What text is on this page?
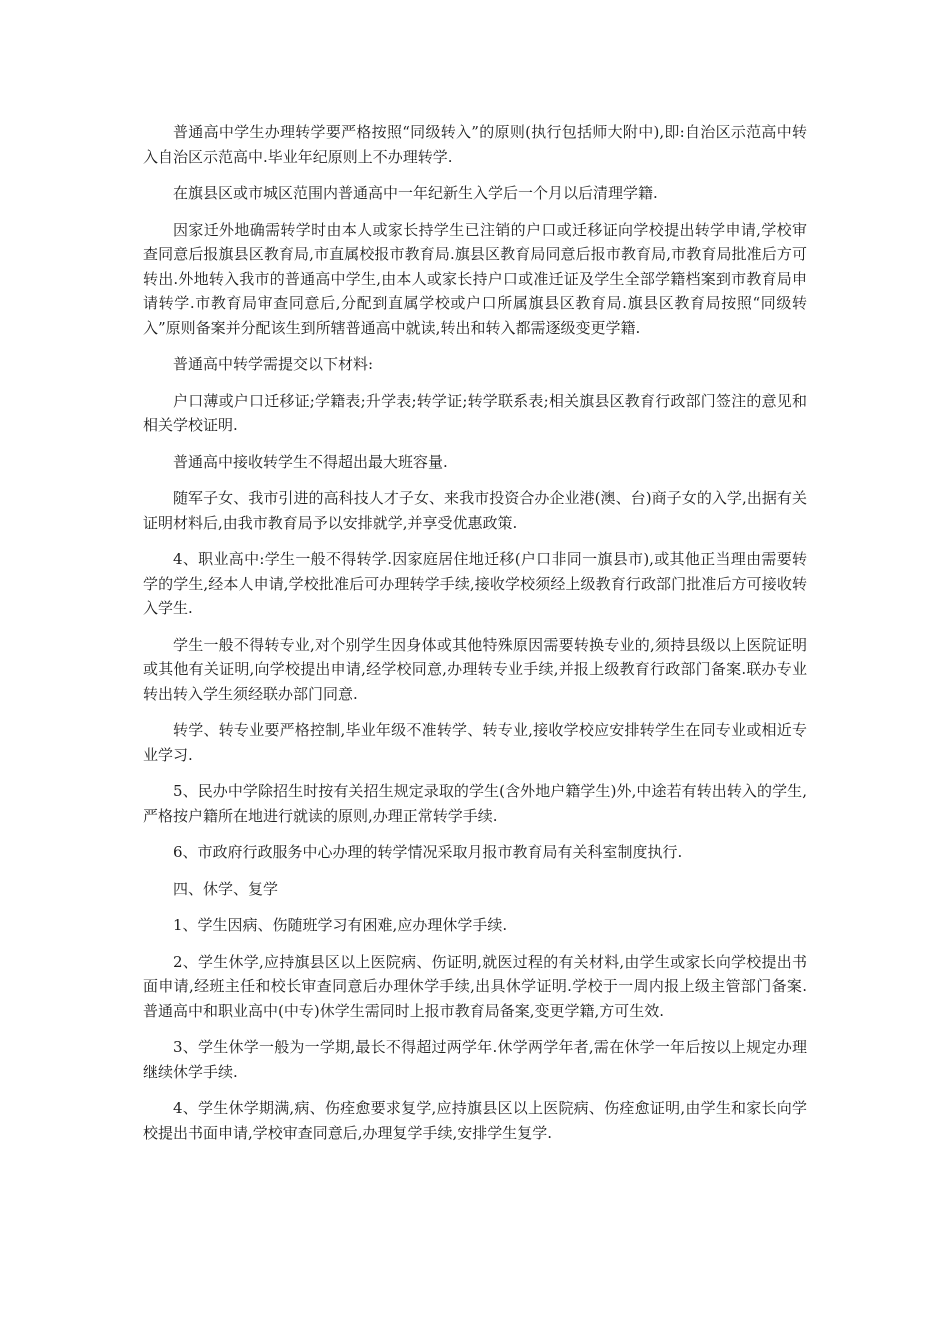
普通高中学生办理转学要严格按照“同级转入”的原则(执行包括师大附中),即:自治区示范高中转入自治区示范高中.毕业年纪原则上不办理转学.

在旗县区或市城区范围内普通高中一年纪新生入学后一个月以后清理学籍.

因家迁外地确需转学时由本人或家长持学生已注销的户口或迁移证向学校提出转学申请,学校审查同意后报旗县区教育局,市直属校报市教育局.旗县区教育局同意后报市教育局,市教育局批准后方可转出.外地转入我市的普通高中学生,由本人或家长持户口或准迁证及学生全部学籍档案到市教育局申请转学.市教育局审查同意后,分配到直属学校或户口所属旗县区教育局.旗县区教育局按照“同级转入”原则备案并分配该生到所辖普通高中就读,转出和转入都需逐级变更学籍.

普通高中转学需提交以下材料:

户口薄或户口迁移证;学籍表;升学表;转学证;转学联系表;相关旗县区教育行政部门签注的意见和相关学校证明.

普通高中接收转学生不得超出最大班容量.

随军子女、我市引进的高科技人才子女、来我市投资合办企业港(澳、台)商子女的入学,出据有关证明材料后,由我市教育局予以安排就学,并享受优惠政策.

4、职业高中:学生一般不得转学.因家庭居住地迁移(户口非同一旗县市),或其他正当理由需要转学的学生,经本人申请,学校批准后可办理转学手续,接收学校须经上级教育行政部门批准后方可接收转入学生.

学生一般不得转专业,对个别学生因身体或其他特殊原因需要转换专业的,须持县级以上医院证明或其他有关证明,向学校提出申请,经学校同意,办理转专业手续,并报上级教育行政部门备案.联办专业转出转入学生须经联办部门同意.

转学、转专业要严格控制,毕业年级不准转学、转专业,接收学校应安排转学生在同专业或相近专业学习.

5、民办中学除招生时按有关招生规定录取的学生(含外地户籍学生)外,中途若有转出转入的学生,严格按户籍所在地进行就读的原则,办理正常转学手续.

6、市政府行政服务中心办理的转学情况采取月报市教育局有关科室制度执行.

四、休学、复学

1、学生因病、伤随班学习有困难,应办理休学手续.

2、学生休学,应持旗县区以上医院病、伤证明,就医过程的有关材料,由学生或家长向学校提出书面申请,经班主任和校长审查同意后办理休学手续,出具休学证明.学校于一周内报上级主管部门备案.普通高中和职业高中(中专)休学生需同时上报市教育局备案,变更学籍,方可生效.

3、学生休学一般为一学期,最长不得超过两学年.休学两学年者,需在休学一年后按以上规定办理继续休学手续.

4、学生休学期满,病、伤痊愈要求复学,应持旗县区以上医院病、伤痊愈证明,由学生和家长向学校提出书面申请,学校审查同意后,办理复学手续,安排学生复学.
